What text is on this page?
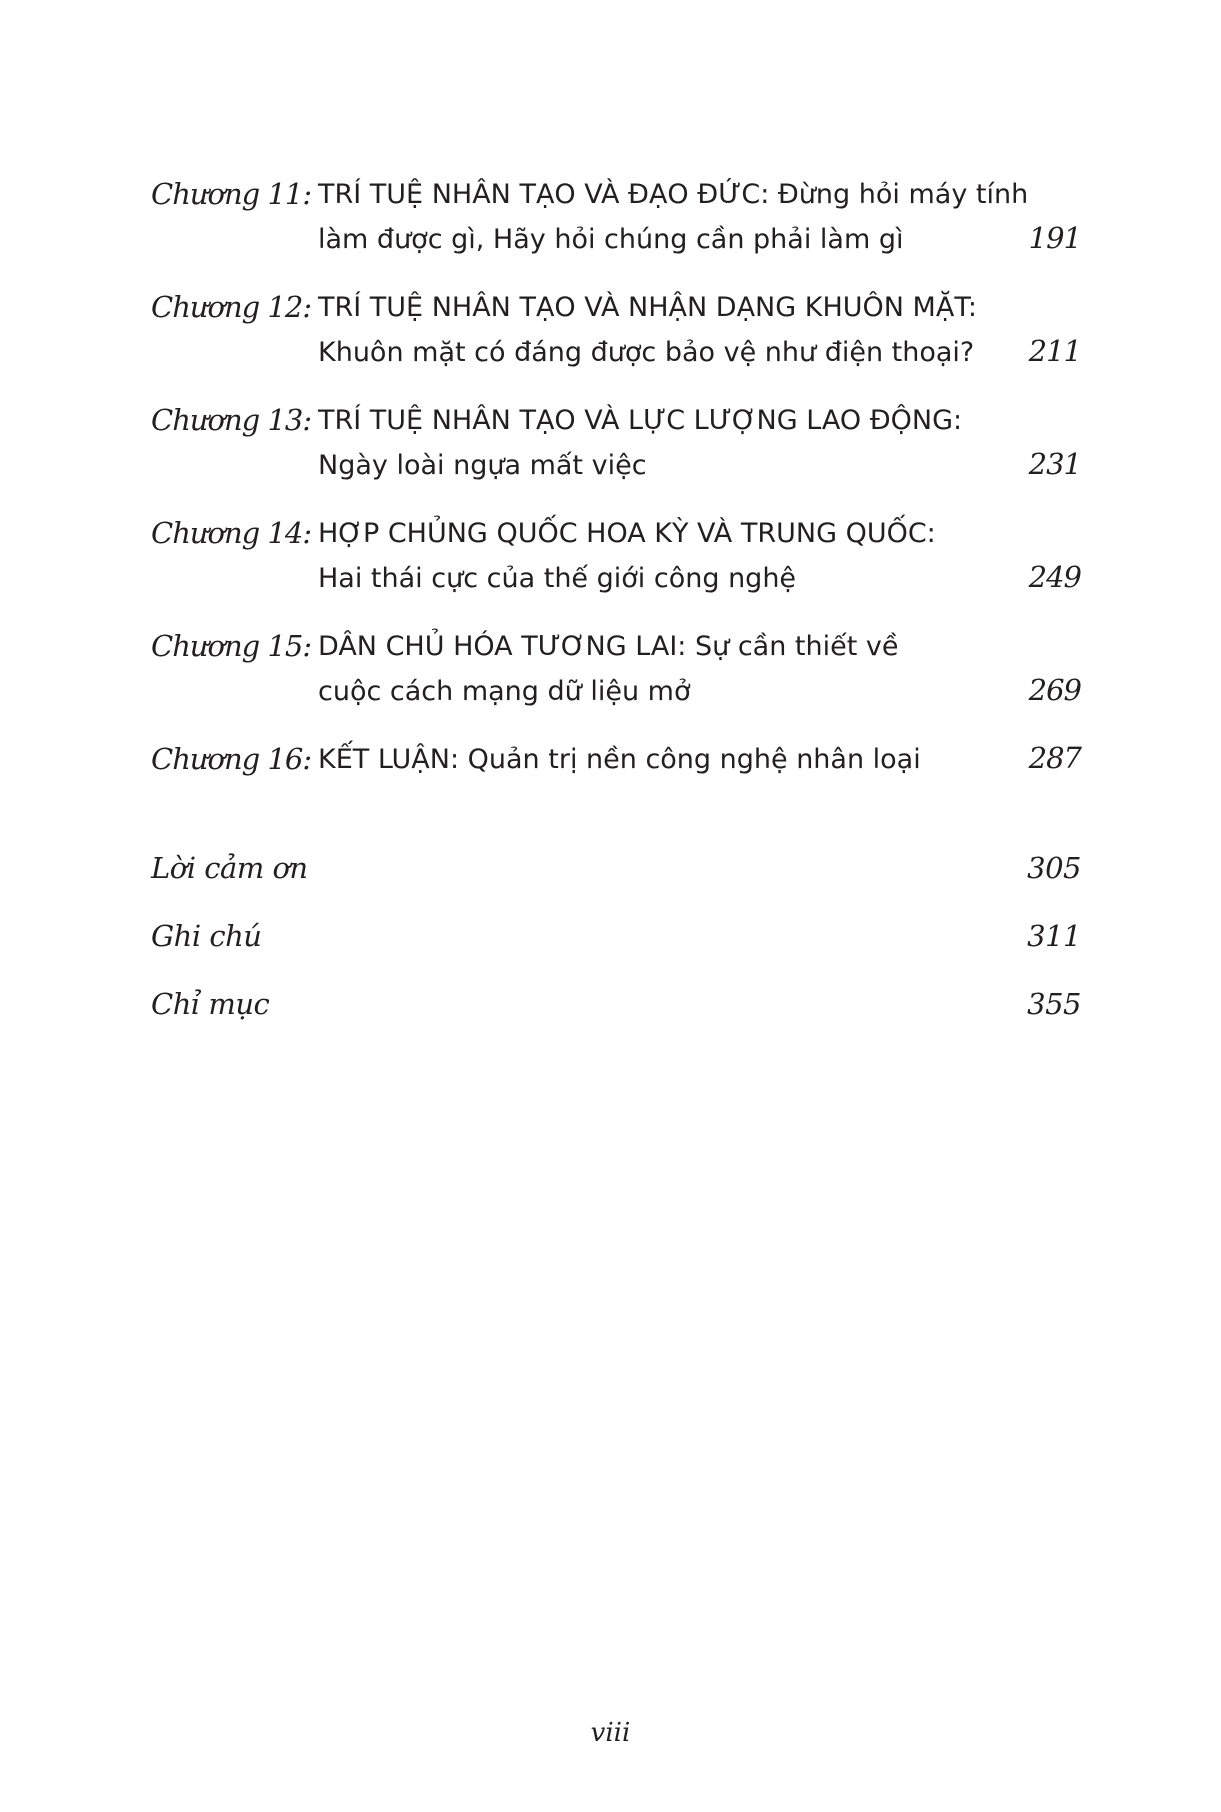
Chương 11: TRÍ TUỆ NHÂN TẠO VÀ ĐẠO ĐỨC: Đừng hỏi máy tính
làm được gì, Hãy hỏi chúng cần phải làm gì	191
Chương 12: TRÍ TUỆ NHÂN TẠO VÀ NHẬN DẠNG KHUÔN MẶT:
Khuôn mặt có đáng được bảo vệ như điện thoại? 211
Chương 13: TRÍ TUỆ NHÂN TẠO VÀ LỰC LƯỢNG LAO ĐỘNG:
Ngày loài ngựa mất việc	231
Chương 14: HỢP CHỦNG QUỐC HOA KỲ VÀ TRUNG QUỐC:
Hai thái cực của thế giới công nghệ	249
Chương 15: DÂN CHỦ HÓA TƯƠNG LAI: Sự cần thiết về
cuộc cách mạng dữ liệu mở	269
Chương 16: KẾT LUẬN: Quản trị nền công nghệ nhân loại	287
Lời cảm ơn	305
Ghi chú	311
Chỉ mục	355
viii
